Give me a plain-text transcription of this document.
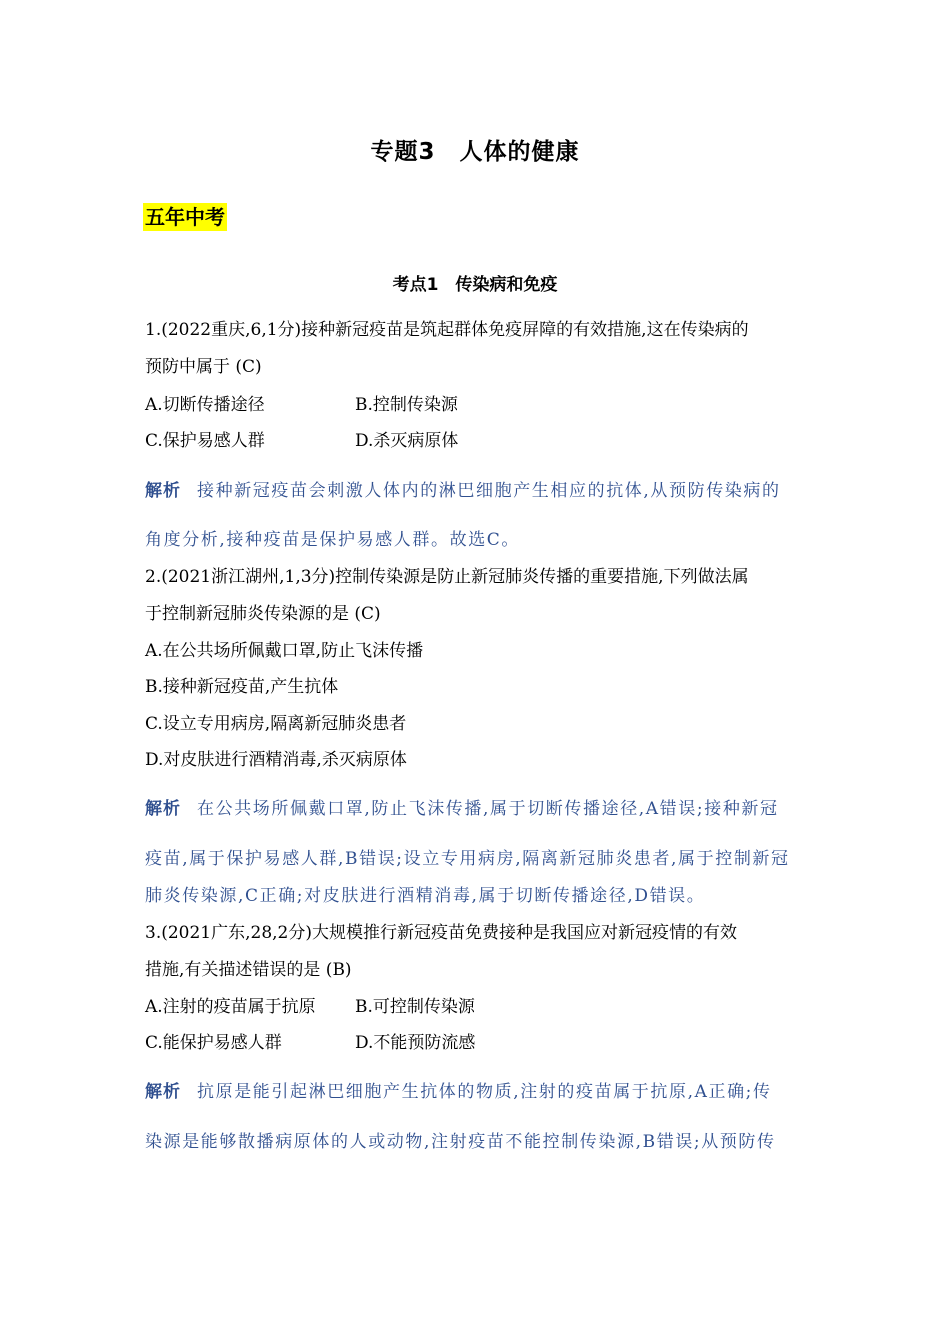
专题3　人体的健康
五年中考
考点1　传染病和免疫
1.(2022重庆,6,1分)接种新冠疫苗是筑起群体免疫屏障的有效措施,这在传染病的
预防中属于 (C)
A.切断传播途径	B.控制传染源
C.保护易感人群	D.杀灭病原体
解析 接种新冠疫苗会刺激人体内的淋巴细胞产生相应的抗体,从预防传染病的
角度分析,接种疫苗是保护易感人群。故选C。
2.(2021浙江湖州,1,3分)控制传染源是防止新冠肺炎传播的重要措施,下列做法属
于控制新冠肺炎传染源的是 (C)
A.在公共场所佩戴口罩,防止飞沫传播
B.接种新冠疫苗,产生抗体
C.设立专用病房,隔离新冠肺炎患者
D.对皮肤进行酒精消毒,杀灭病原体
解析 在公共场所佩戴口罩,防止飞沫传播,属于切断传播途径,A错误;接种新冠
疫苗,属于保护易感人群,B错误;设立专用病房,隔离新冠肺炎患者,属于控制新冠
肺炎传染源,C正确;对皮肤进行酒精消毒,属于切断传播途径,D错误。
3.(2021广东,28,2分)大规模推行新冠疫苗免费接种是我国应对新冠疫情的有效
措施,有关描述错误的是 (B)
A.注射的疫苗属于抗原 B.可控制传染源
C.能保护易感人群	D.不能预防流感
解析 抗原是能引起淋巴细胞产生抗体的物质,注射的疫苗属于抗原,A正确;传
染源是能够散播病原体的人或动物,注射疫苗不能控制传染源,B错误;从预防传
